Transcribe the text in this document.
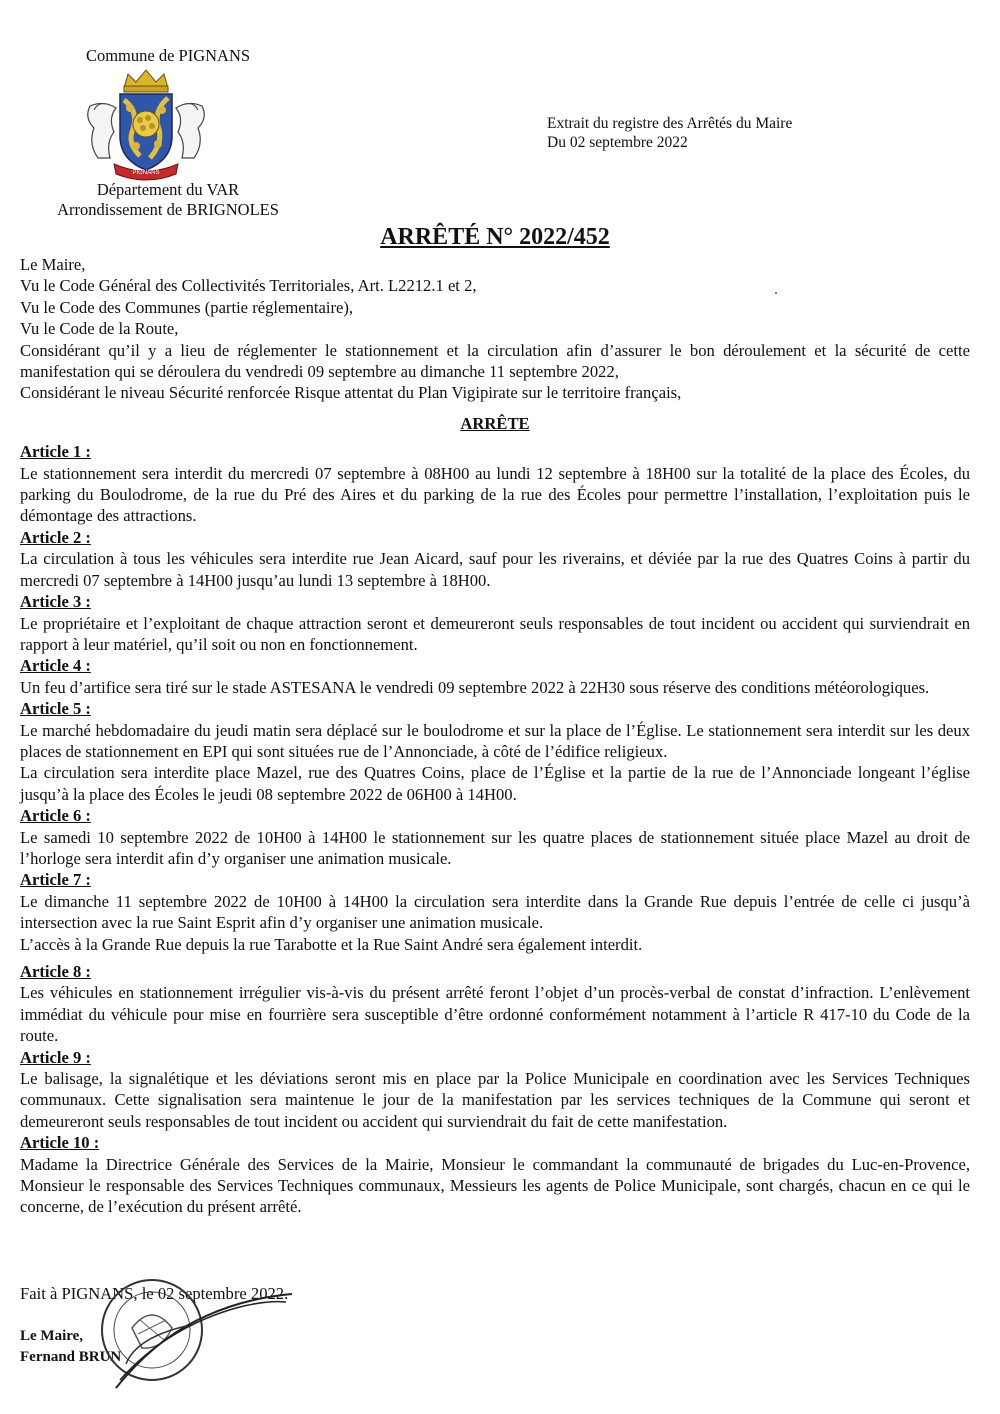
Commune de PIGNANS
PIGNANS
Département du VAR
Arrondissement de BRIGNOLES
Extrait du registre des Arrêtés du Maire
Du 02 septembre 2022
ARRÊTÉ N° 2022/452

Le Maire,

Vu le Code Général des Collectivités Territoriales, Art. L2212.1 et 2,

Vu le Code des Communes (partie réglementaire),

Vu le Code de la Route,

Considérant qu’il y a lieu de réglementer le stationnement et la circulation afin d’assurer le bon déroulement et la sécurité de cette manifestation qui se déroulera du vendredi 09 septembre au dimanche 11 septembre 2022,

Considérant le niveau Sécurité renforcée Risque attentat du Plan Vigipirate sur le territoire français,

ARRÊTE

Article 1 :

Le stationnement sera interdit du mercredi 07 septembre à 08H00 au lundi 12 septembre à 18H00 sur la totalité de la place des Écoles, du parking du Boulodrome, de la rue du Pré des Aires et du parking de la rue des Écoles pour permettre l’installation, l’exploitation puis le démontage des attractions.

Article 2 :

La circulation à tous les véhicules sera interdite rue Jean Aicard, sauf pour les riverains, et déviée par la rue des Quatres Coins à partir du mercredi 07 septembre à 14H00 jusqu’au lundi 13 septembre à 18H00.

Article 3 :

Le propriétaire et l’exploitant de chaque attraction seront et demeureront seuls responsables de tout incident ou accident qui surviendrait en rapport à leur matériel, qu’il soit ou non en fonctionnement.

Article 4 :

Un feu d’artifice sera tiré sur le stade ASTESANA le vendredi 09 septembre 2022 à 22H30 sous réserve des conditions météorologiques.

Article 5 :

Le marché hebdomadaire du jeudi matin sera déplacé sur le boulodrome et sur la place de l’Église. Le stationnement sera interdit sur les deux places de stationnement en EPI qui sont situées rue de l’Annonciade, à côté de l’édifice religieux.

La circulation sera interdite place Mazel, rue des Quatres Coins, place de l’Église et la partie de la rue de l’Annonciade longeant l’église jusqu’à la place des Écoles le jeudi 08 septembre 2022 de 06H00 à 14H00.

Article 6 :

Le samedi 10 septembre 2022 de 10H00 à 14H00 le stationnement sur les quatre places de stationnement située place Mazel au droit de l’horloge sera interdit afin d’y organiser une animation musicale.

Article 7 :

Le dimanche 11 septembre 2022 de 10H00 à 14H00 la circulation sera interdite dans la Grande Rue depuis l’entrée de celle ci jusqu’à intersection avec la rue Saint Esprit afin d’y organiser une animation musicale.

L’accès à la Grande Rue depuis la rue Tarabotte et la Rue Saint André sera également interdit.

Article 8 :

Les véhicules en stationnement irrégulier vis-à-vis du présent arrêté feront l’objet d’un procès-verbal de constat d’infraction. L’enlèvement immédiat du véhicule pour mise en fourrière sera susceptible d’être ordonné conformément notamment à l’article R 417-10 du Code de la route.

Article 9 :

Le balisage, la signalétique et les déviations seront mis en place par la Police Municipale en coordination avec les Services Techniques communaux. Cette signalisation sera maintenue le jour de la manifestation par les services techniques de la Commune qui seront et demeureront seuls responsables de tout incident ou accident qui surviendrait du fait de cette manifestation.

Article 10 :

Madame la Directrice Générale des Services de la Mairie, Monsieur le commandant la communauté de brigades du Luc-en-Provence, Monsieur le responsable des Services Techniques communaux, Messieurs les agents de Police Municipale, sont chargés, chacun en ce qui le concerne, de l’exécution du présent arrêté.

Fait à PIGNANS, le 02 septembre 2022.
Le Maire,
Fernand BRUN
